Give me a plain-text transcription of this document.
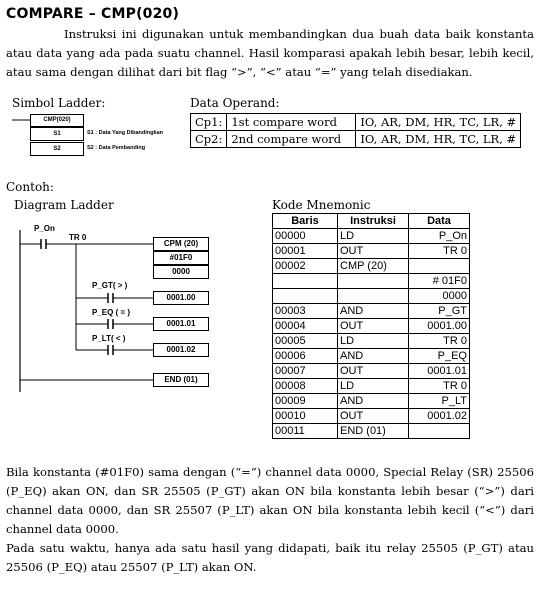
COMPARE – CMP(020)
Instruksi ini digunakan untuk membandingkan dua buah data baik konstanta atau data yang ada pada suatu channel. Hasil komparasi apakah lebih besar, lebih kecil, atau sama dengan dilihat dari bit flag “>”, “<” atau “=” yang telah disediakan.
Simbol Ladder:
CMP(020)
S1
S2
S1 : Data Yang Dibandingkan
S2 : Data Pembanding
Data Operand:
Cp1:	1st compare word	IO, AR, DM, HR, TC, LR, #
Cp2:	2nd compare word	IO, AR, DM, HR, TC, LR, #
Contoh:
Diagram Ladder
P_On
TR 0
CPM (20)
#01F0
0000
P_GT( > )
0001.00
P_EQ ( = )
0001.01
P_LT( < )
0001.02
END (01)
Kode Mnemonic
Baris	Instruksi	Data
00000	LD	P_On
00001	OUT	TR 0
00002	CMP (20)	
		# 01F0
		0000
00003	AND	P_GT
00004	OUT	0001.00
00005	LD	TR 0
00006	AND	P_EQ
00007	OUT	0001.01
00008	LD	TR 0
00009	AND	P_LT
00010	OUT	0001.02
00011	END (01)	
Bila konstanta (#01F0) sama dengan (“=”) channel data 0000, Special Relay (SR) 25506 (P_EQ) akan ON, dan SR 25505 (P_GT) akan ON bila konstanta lebih besar (“>”) dari channel data 0000, dan SR 25507 (P_LT) akan ON bila konstanta lebih kecil (“<”) dari channel data 0000.
Pada satu waktu, hanya ada satu hasil yang didapati, baik itu relay 25505 (P_GT) atau 25506 (P_EQ) atau 25507 (P_LT) akan ON.
